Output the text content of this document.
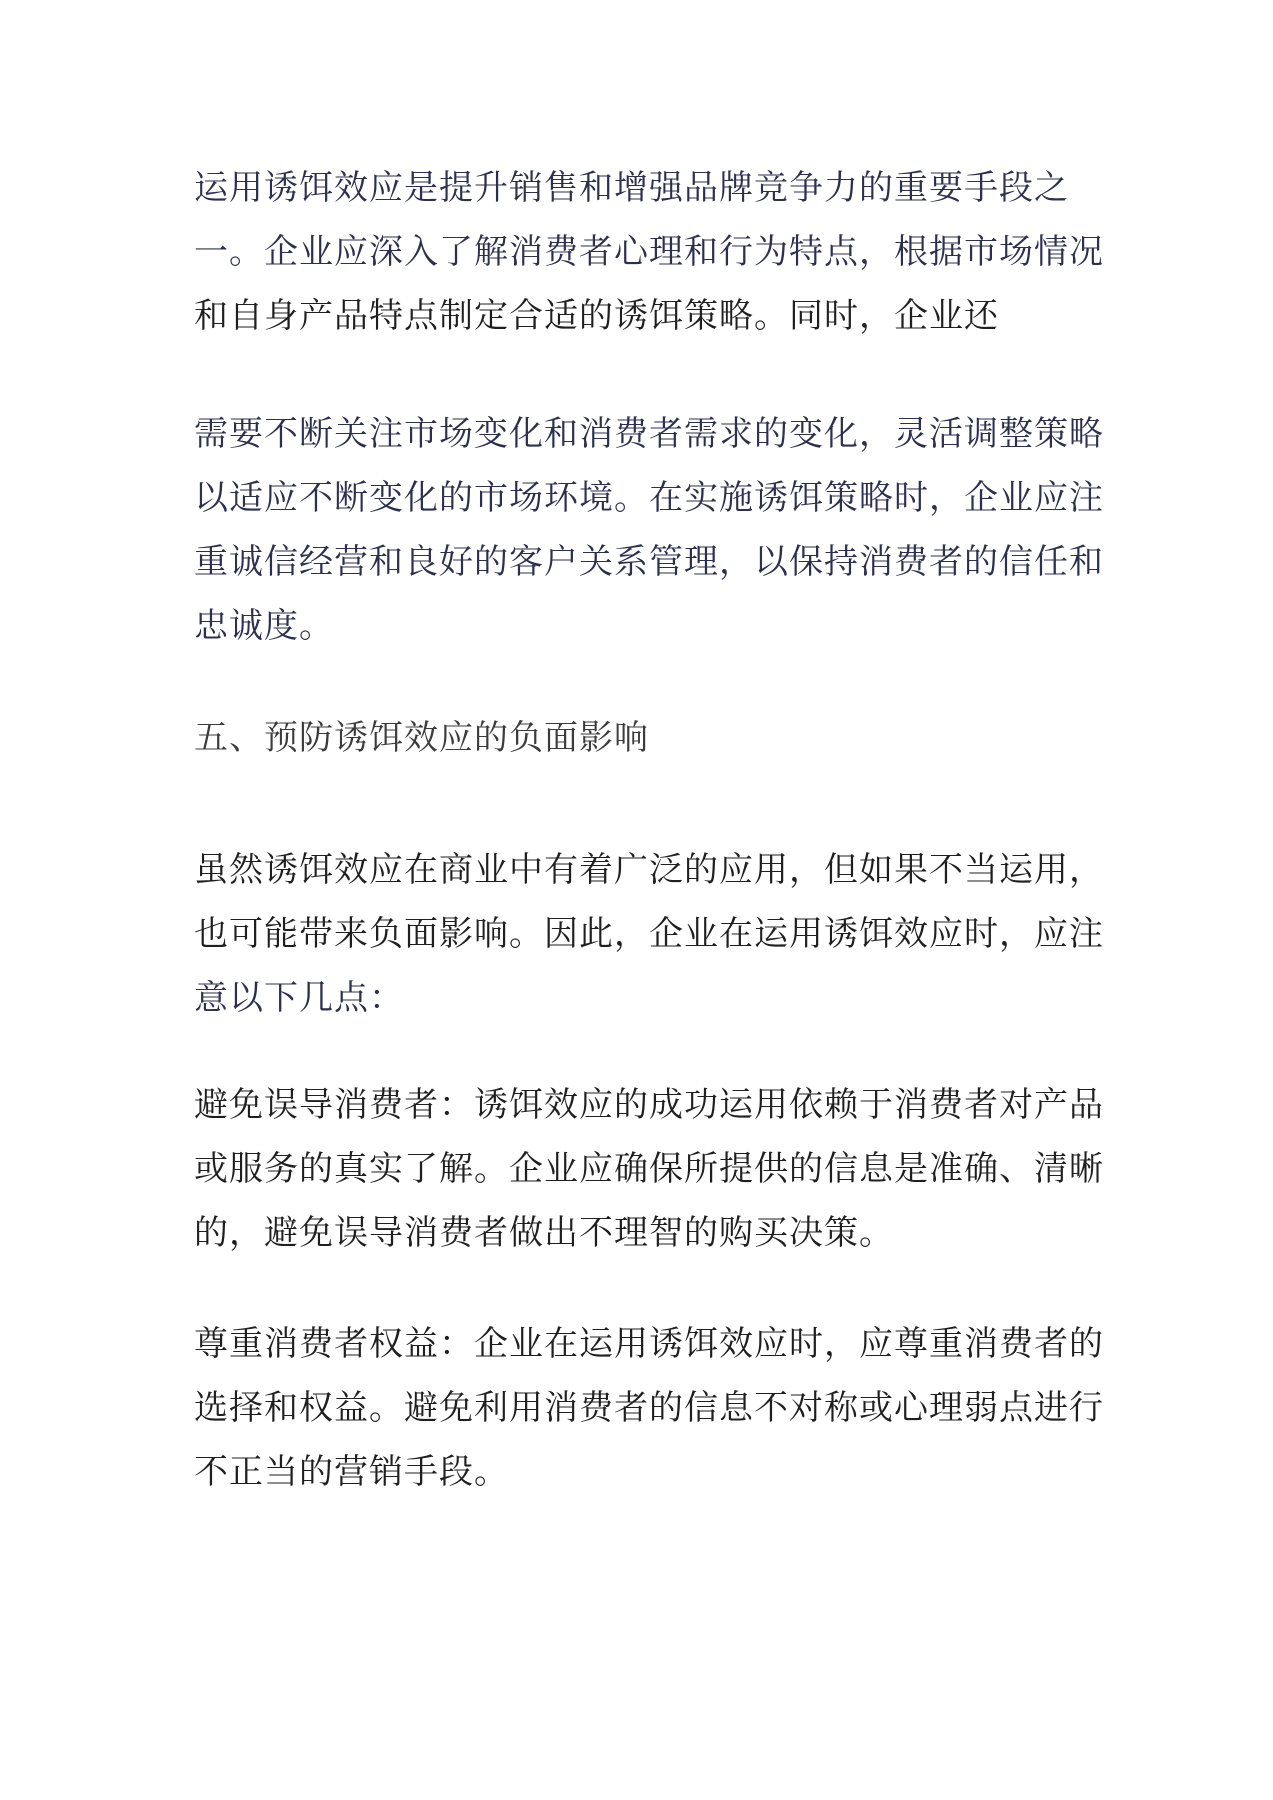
运用诱饵效应是提升销售和增强品牌竞争力的重要手段之
一。企业应深入了解消费者心理和行为特点，根据市场情况
和自身产品特点制定合适的诱饵策略。同时，企业还

需要不断关注市场变化和消费者需求的变化，灵活调整策略
以适应不断变化的市场环境。在实施诱饵策略时，企业应注
重诚信经营和良好的客户关系管理，以保持消费者的信任和
忠诚度。

五、预防诱饵效应的负面影响

虽然诱饵效应在商业中有着广泛的应用，但如果不当运用，
也可能带来负面影响。因此，企业在运用诱饵效应时，应注
意以下几点：

避免误导消费者：诱饵效应的成功运用依赖于消费者对产品
或服务的真实了解。企业应确保所提供的信息是准确、清晰
的，避免误导消费者做出不理智的购买决策。

尊重消费者权益：企业在运用诱饵效应时，应尊重消费者的
选择和权益。避免利用消费者的信息不对称或心理弱点进行
不正当的营销手段。
